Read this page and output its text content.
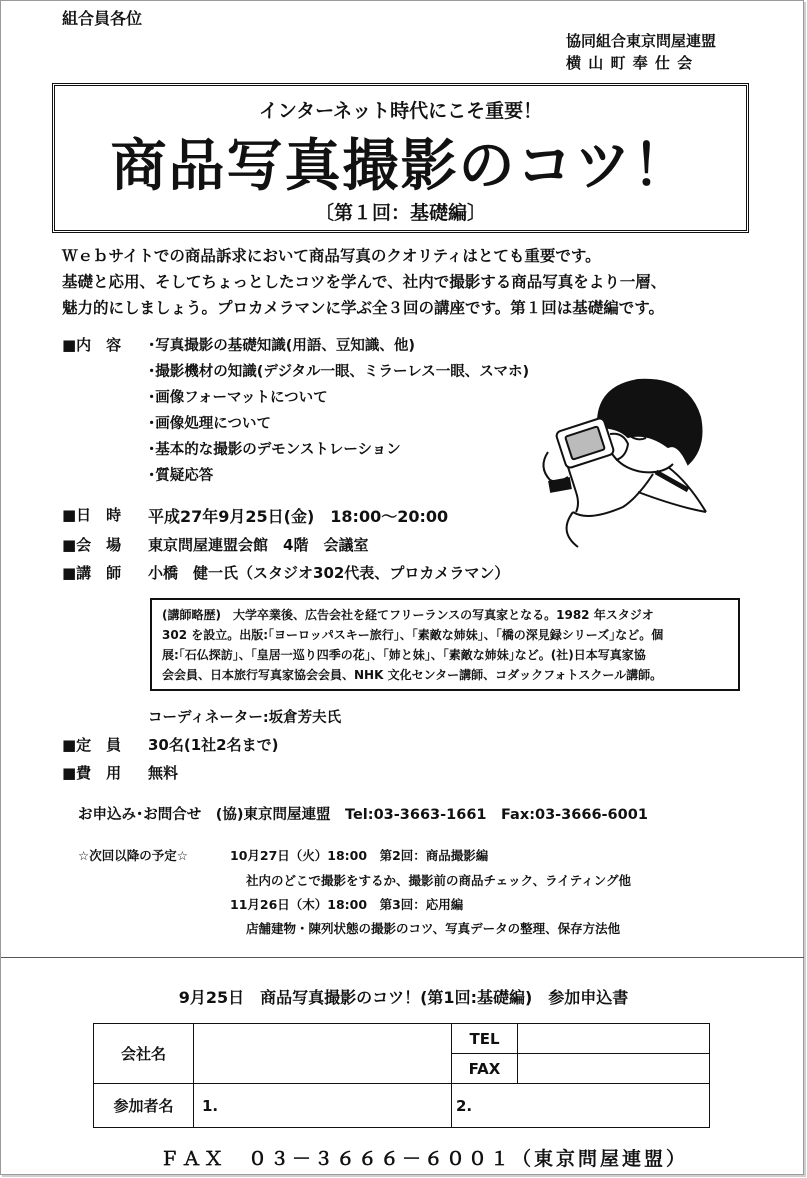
組合員各位
協同組合東京問屋連盟
横 山 町 奉 仕 会
インターネット時代にこそ重要！
商品写真撮影のコツ！
〔第１回：基礎編〕
Ｗｅｂサイトでの商品訴求において商品写真のクオリティはとても重要です。
基礎と応用、そしてちょっとしたコツを学んで、社内で撮影する商品写真をより一層、
魅力的にしましょう。プロカメラマンに学ぶ全３回の講座です。第１回は基礎編です。
■内　容 ･写真撮影の基礎知識(用語、豆知識、他)
･撮影機材の知識(デジタル一眼、ミラーレス一眼、スマホ)
･画像フォーマットについて
･画像処理について
･基本的な撮影のデモンストレーション
･質疑応答
■日　時 平成27年9月25日(金)　18:00～20:00
■会　場 東京問屋連盟会館　4階　会議室
■講　師 小橋　健一氏（スタジオ302代表、プロカメラマン）
(講師略歴)　大学卒業後、広告会社を経てフリーランスの写真家となる。1982 年スタジオ
302 を設立。出版:｢ヨーロッパスキー旅行｣、｢素敵な姉妹｣、｢橋の深見録シリーズ｣など。個
展:｢石仏探訪｣、｢皇居一巡り四季の花｣、｢姉と妹｣、｢素敵な姉妹｣など。(社)日本写真家協
会会員、日本旅行写真家協会会員、NHK 文化センター講師、コダックフォトスクール講師。
コーディネーター:坂倉芳夫氏
■定　員 30名(1社2名まで)
■費　用 無料
お申込み･お問合せ　(協)東京問屋連盟　Tel:03-3663-1661　Fax:03-3666-6001
☆次回以降の予定☆	10月27日（火）18:00　第2回：商品撮影編
社内のどこで撮影をするか、撮影前の商品チェック、ライティング他
11月26日（木）18:00　第3回：応用編
店舗建物・陳列状態の撮影のコツ、写真データの整理、保存方法他
9月25日　商品写真撮影のコツ！(第1回:基礎編)　参加申込書
会社名		TEL	
		FAX	
参加者名	1.	2.	
ＦＡＸ　０３－３６６６－６００１（東京問屋連盟）
